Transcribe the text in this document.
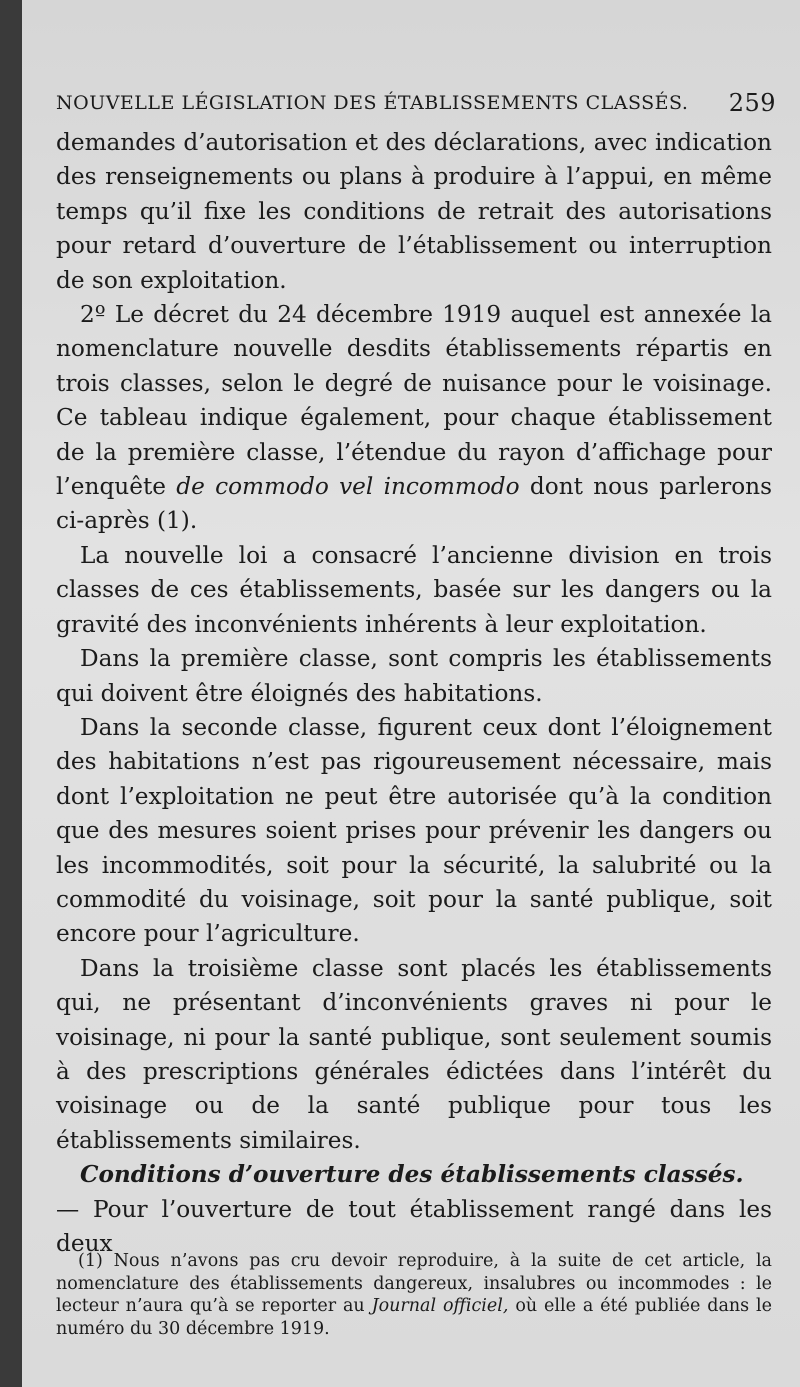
NOUVELLE LÉGISLATION DES ÉTABLISSEMENTS CLASSÉS. 259

demandes d’autorisation et des déclarations, avec indication des renseignements ou plans à produire à l’appui, en même temps qu’il fixe les conditions de retrait des autorisations pour retard d’ouverture de l’établissement ou interruption de son exploitation.

2º Le décret du 24 décembre 1919 auquel est annexée la nomenclature nouvelle desdits établissements répartis en trois classes, selon le degré de nuisance pour le voisinage. Ce tableau indique également, pour chaque établissement de la première classe, l’étendue du rayon d’affichage pour l’enquête de commodo vel incommodo dont nous parlerons ci-après (1).

La nouvelle loi a consacré l’ancienne division en trois classes de ces établissements, basée sur les dangers ou la gravité des inconvénients inhérents à leur exploitation.

Dans la première classe, sont compris les établissements qui doivent être éloignés des habitations.

Dans la seconde classe, figurent ceux dont l’éloignement des habitations n’est pas rigoureusement nécessaire, mais dont l’exploitation ne peut être autorisée qu’à la condition que des mesures soient prises pour prévenir les dangers ou les incommodités, soit pour la sécurité, la salubrité ou la commodité du voisinage, soit pour la santé publique, soit encore pour l’agriculture.

Dans la troisième classe sont placés les établissements qui, ne présentant d’inconvénients graves ni pour le voisinage, ni pour la santé publique, sont seulement soumis à des prescriptions générales édictées dans l’intérêt du voisinage ou de la santé publique pour tous les établissements similaires.

Conditions d’ouverture des établissements classés.

— Pour l’ouverture de tout établissement rangé dans les deux

(1) Nous n’avons pas cru devoir reproduire, à la suite de cet article, la nomenclature des établissements dangereux, insalubres ou incommodes : le lecteur n’aura qu’à se reporter au Journal officiel, où elle a été publiée dans le numéro du 30 décembre 1919.
